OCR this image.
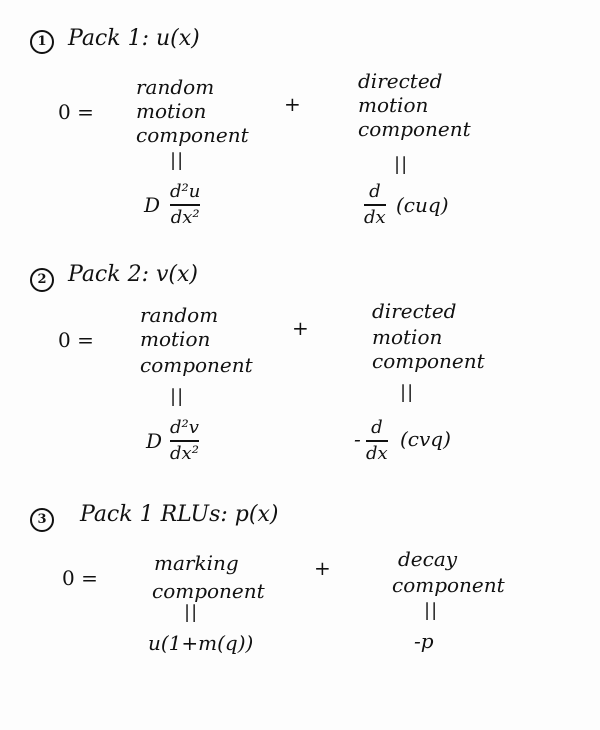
1 Pack 1: u(x)
0 =
random
motion
component
+
directed
motion
component
||	||
D
d²u
dx²
d
dx
(cuq)
2 Pack 2: v(x)
0 =
random
motion
component
+
directed
motion
component
||	||
D
d²v
dx²
- d
dx
(cvq)
3	Pack 1 RLUs: p(x)
0 =
marking
component
+	decay
component
||	||
u(1+m(q))	-p
